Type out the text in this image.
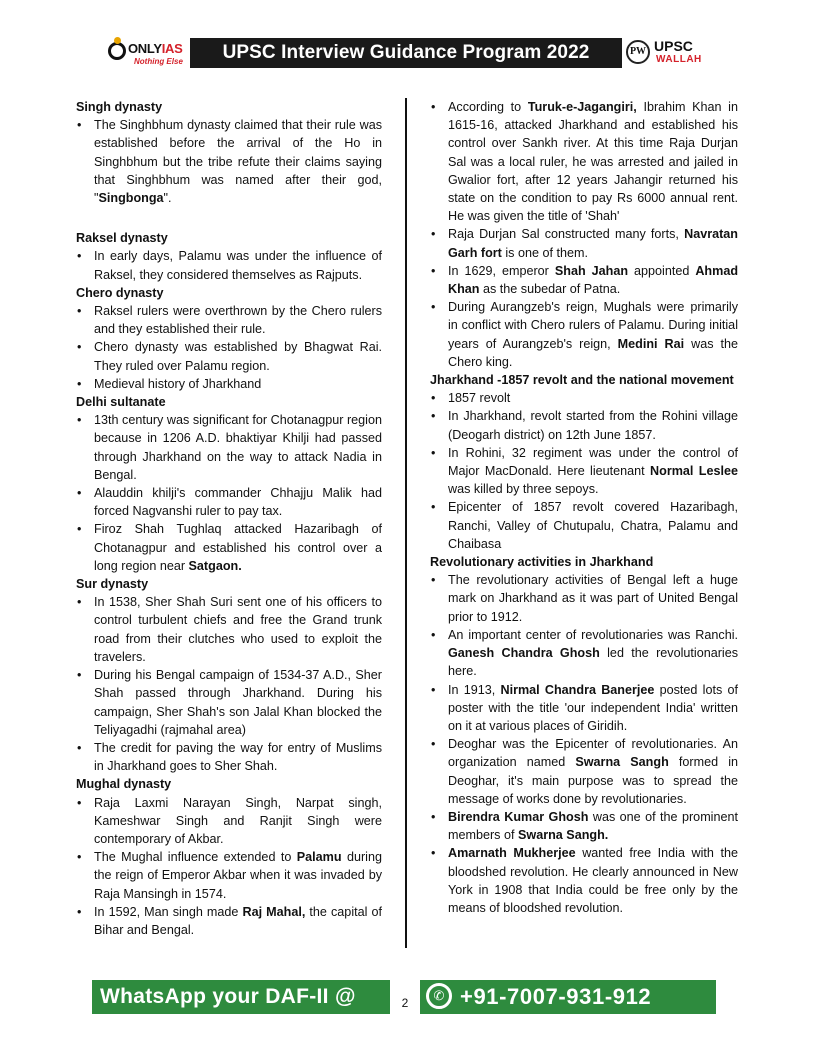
ONLYIAS
Nothing Else	UPSC Interview Guidance Program 2022	PW UPSC
WALLAH

Singh dynasty

• The Singhbhum dynasty claimed that their rule was established before the arrival of the Ho in Singhbhum but the tribe refute their claims saying that Singhbhum was named after their god, "Singbonga".

Raksel dynasty

• In early days, Palamu was under the influence of Raksel, they considered themselves as Rajputs.

Chero dynasty

• Raksel rulers were overthrown by the Chero rulers and they established their rule.
• Chero dynasty was established by Bhagwat Rai. They ruled over Palamu region.
• Medieval history of Jharkhand

Delhi sultanate

• 13th century was significant for Chotanagpur region because in 1206 A.D. bhaktiyar Khilji had passed through Jharkhand on the way to attack Nadia in Bengal.
• Alauddin khilji's commander Chhajju Malik had forced Nagvanshi ruler to pay tax.
• Firoz Shah Tughlaq attacked Hazaribagh of Chotanagpur and established his control over a long region near Satgaon.

Sur dynasty

• In 1538, Sher Shah Suri sent one of his officers to control turbulent chiefs and free the Grand trunk road from their clutches who used to exploit the travelers.
• During his Bengal campaign of 1534-37 A.D., Sher Shah passed through Jharkhand. During his campaign, Sher Shah's son Jalal Khan blocked the Teliyagadhi (rajmahal area)
• The credit for paving the way for entry of Muslims in Jharkhand goes to Sher Shah.

Mughal dynasty

• Raja Laxmi Narayan Singh, Narpat singh, Kameshwar Singh and Ranjit Singh were contemporary of Akbar.
• The Mughal influence extended to Palamu during the reign of Emperor Akbar when it was invaded by Raja Mansingh in 1574.
• In 1592, Man singh made Raj Mahal, the capital of Bihar and Bengal.
• According to Turuk-e-Jagangiri, Ibrahim Khan in 1615-16, attacked Jharkhand and established his control over Sankh river. At this time Raja Durjan Sal was a local ruler, he was arrested and jailed in Gwalior fort, after 12 years Jahangir returned his state on the condition to pay Rs 6000 annual rent. He was given the title of 'Shah'
• Raja Durjan Sal constructed many forts, Navratan Garh fort is one of them.
• In 1629, emperor Shah Jahan appointed Ahmad Khan as the subedar of Patna.
• During Aurangzeb's reign, Mughals were primarily in conflict with Chero rulers of Palamu. During initial years of Aurangzeb's reign, Medini Rai was the Chero king.

Jharkhand -1857 revolt and the national movement

• 1857 revolt
• In Jharkhand, revolt started from the Rohini village (Deogarh district) on 12th June 1857.
• In Rohini, 32 regiment was under the control of Major MacDonald. Here lieutenant Normal Leslee was killed by three sepoys.
• Epicenter of 1857 revolt covered Hazaribagh, Ranchi, Valley of Chutupalu, Chatra, Palamu and Chaibasa

Revolutionary activities in Jharkhand

• The revolutionary activities of Bengal left a huge mark on Jharkhand as it was part of United Bengal prior to 1912.
• An important center of revolutionaries was Ranchi. Ganesh Chandra Ghosh led the revolutionaries here.
• In 1913, Nirmal Chandra Banerjee posted lots of poster with the title 'our independent India' written on it at various places of Giridih.
• Deoghar was the Epicenter of revolutionaries. An organization named Swarna Sangh formed in Deoghar, it's main purpose was to spread the message of works done by revolutionaries.
• Birendra Kumar Ghosh was one of the prominent members of Swarna Sangh.
• Amarnath Mukherjee wanted free India with the bloodshed revolution. He clearly announced in New York in 1908 that India could be free only by the means of bloodshed revolution.
WhatsApp your DAF-II @	2	✆ +91-7007-931-912
